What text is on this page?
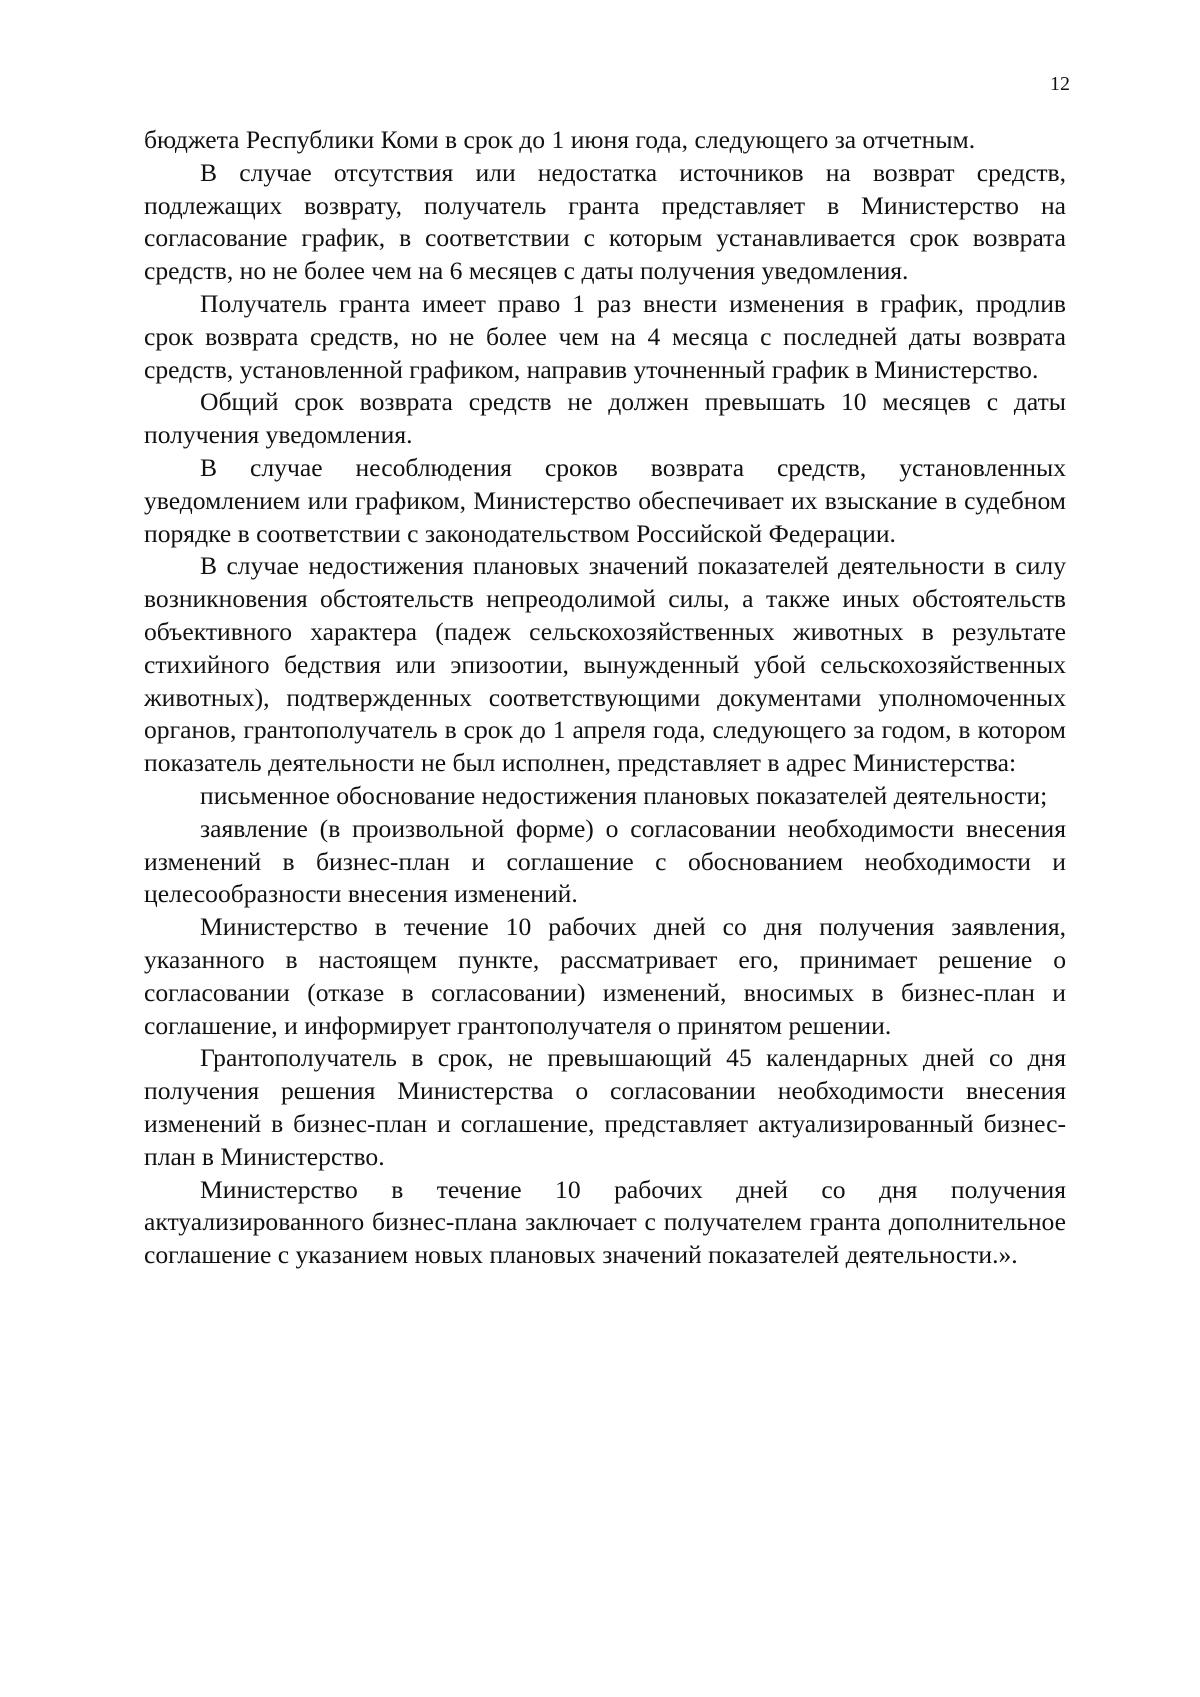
12

бюджета Республики Коми в срок до 1 июня года, следующего за отчетным.

В случае отсутствия или недостатка источников на возврат средств, подлежащих возврату, получатель гранта представляет в Министерство на согласование график, в соответствии с которым устанавливается срок возврата средств, но не более чем на 6 месяцев с даты получения уведомления.

Получатель гранта имеет право 1 раз внести изменения в график, продлив срок возврата средств, но не более чем на 4 месяца с последней даты возврата средств, установленной графиком, направив уточненный график в Министерство.

Общий срок возврата средств не должен превышать 10 месяцев с даты получения уведомления.

В случае несоблюдения сроков возврата средств, установленных уведомлением или графиком, Министерство обеспечивает их взыскание в судебном порядке в соответствии с законодательством Российской Федерации.

В случае недостижения плановых значений показателей деятельности в силу возникновения обстоятельств непреодолимой силы, а также иных обстоятельств объективного характера (падеж сельскохозяйственных животных в результате стихийного бедствия или эпизоотии, вынужденный убой сельскохозяйственных животных), подтвержденных соответствующими документами уполномоченных органов, грантополучатель в срок до 1 апреля года, следующего за годом, в котором показатель деятельности не был исполнен, представляет в адрес Министерства:

письменное обоснование недостижения плановых показателей деятельности;

заявление (в произвольной форме) о согласовании необходимости внесения изменений в бизнес-план и соглашение с обоснованием необходимости и целесообразности внесения изменений.

Министерство в течение 10 рабочих дней со дня получения заявления, указанного в настоящем пункте, рассматривает его, принимает решение о согласовании (отказе в согласовании) изменений, вносимых в бизнес-план и соглашение, и информирует грантополучателя о принятом решении.

Грантополучатель в срок, не превышающий 45 календарных дней со дня получения решения Министерства о согласовании необходимости внесения изменений в бизнес-план и соглашение, представляет актуализированный бизнес-план в Министерство.

Министерство в течение 10 рабочих дней со дня получения актуализированного бизнес-плана заключает с получателем гранта дополнительное соглашение с указанием новых плановых значений показателей деятельности.».
